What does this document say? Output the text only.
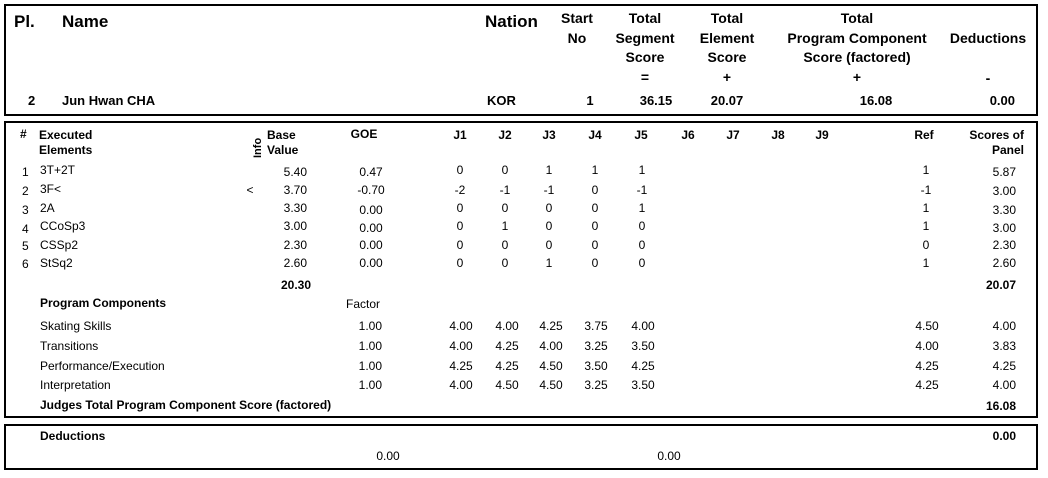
Pl. Name	Nation Start
No
Total
Segment
Score
=
Total
Element
Score
+
Total
Program Component
Score (factored)
+
Deductions
-
2 Jun Hwan CHA	KOR	1	36.15	20.07	16.08	0.00
# Executed
Elements	Info
Base
Value
GOE	J1	J2	J3	J4	J5	J6	J7	J8	J9	Ref	Scores of
Panel
1 3T+2T	5.40	0.47	0	0	1	1	1	1	5.87
2 3F<	<	3.70	-0.70	-2	-1	-1	0	-1	-1	3.00
3 2A	3.30	0.00	0	0	0	0	1	1	3.30
4 CCoSp3	3.00	0.00	0	1	0	0	0	1	3.00
5 CSSp2	2.30	0.00	0	0	0	0	0	0	2.30
6 StSq2	2.60	0.00	0	0	1	0	0	1	2.60
20.30	20.07
Program Components	Factor
Skating Skills	1.00	4.00 4.00 4.25 3.75 4.00	4.50	4.00
Transitions	1.00	4.00 4.25 4.00 3.25 3.50	4.00	3.83
Performance/Execution	1.00	4.25 4.25 4.50 3.50 4.25	4.25	4.25
Interpretation	1.00	4.00 4.50 4.50 3.25 3.50	4.25	4.00
Judges Total Program Component Score (factored)	16.08
Deductions	0.00
0.00	0.00
